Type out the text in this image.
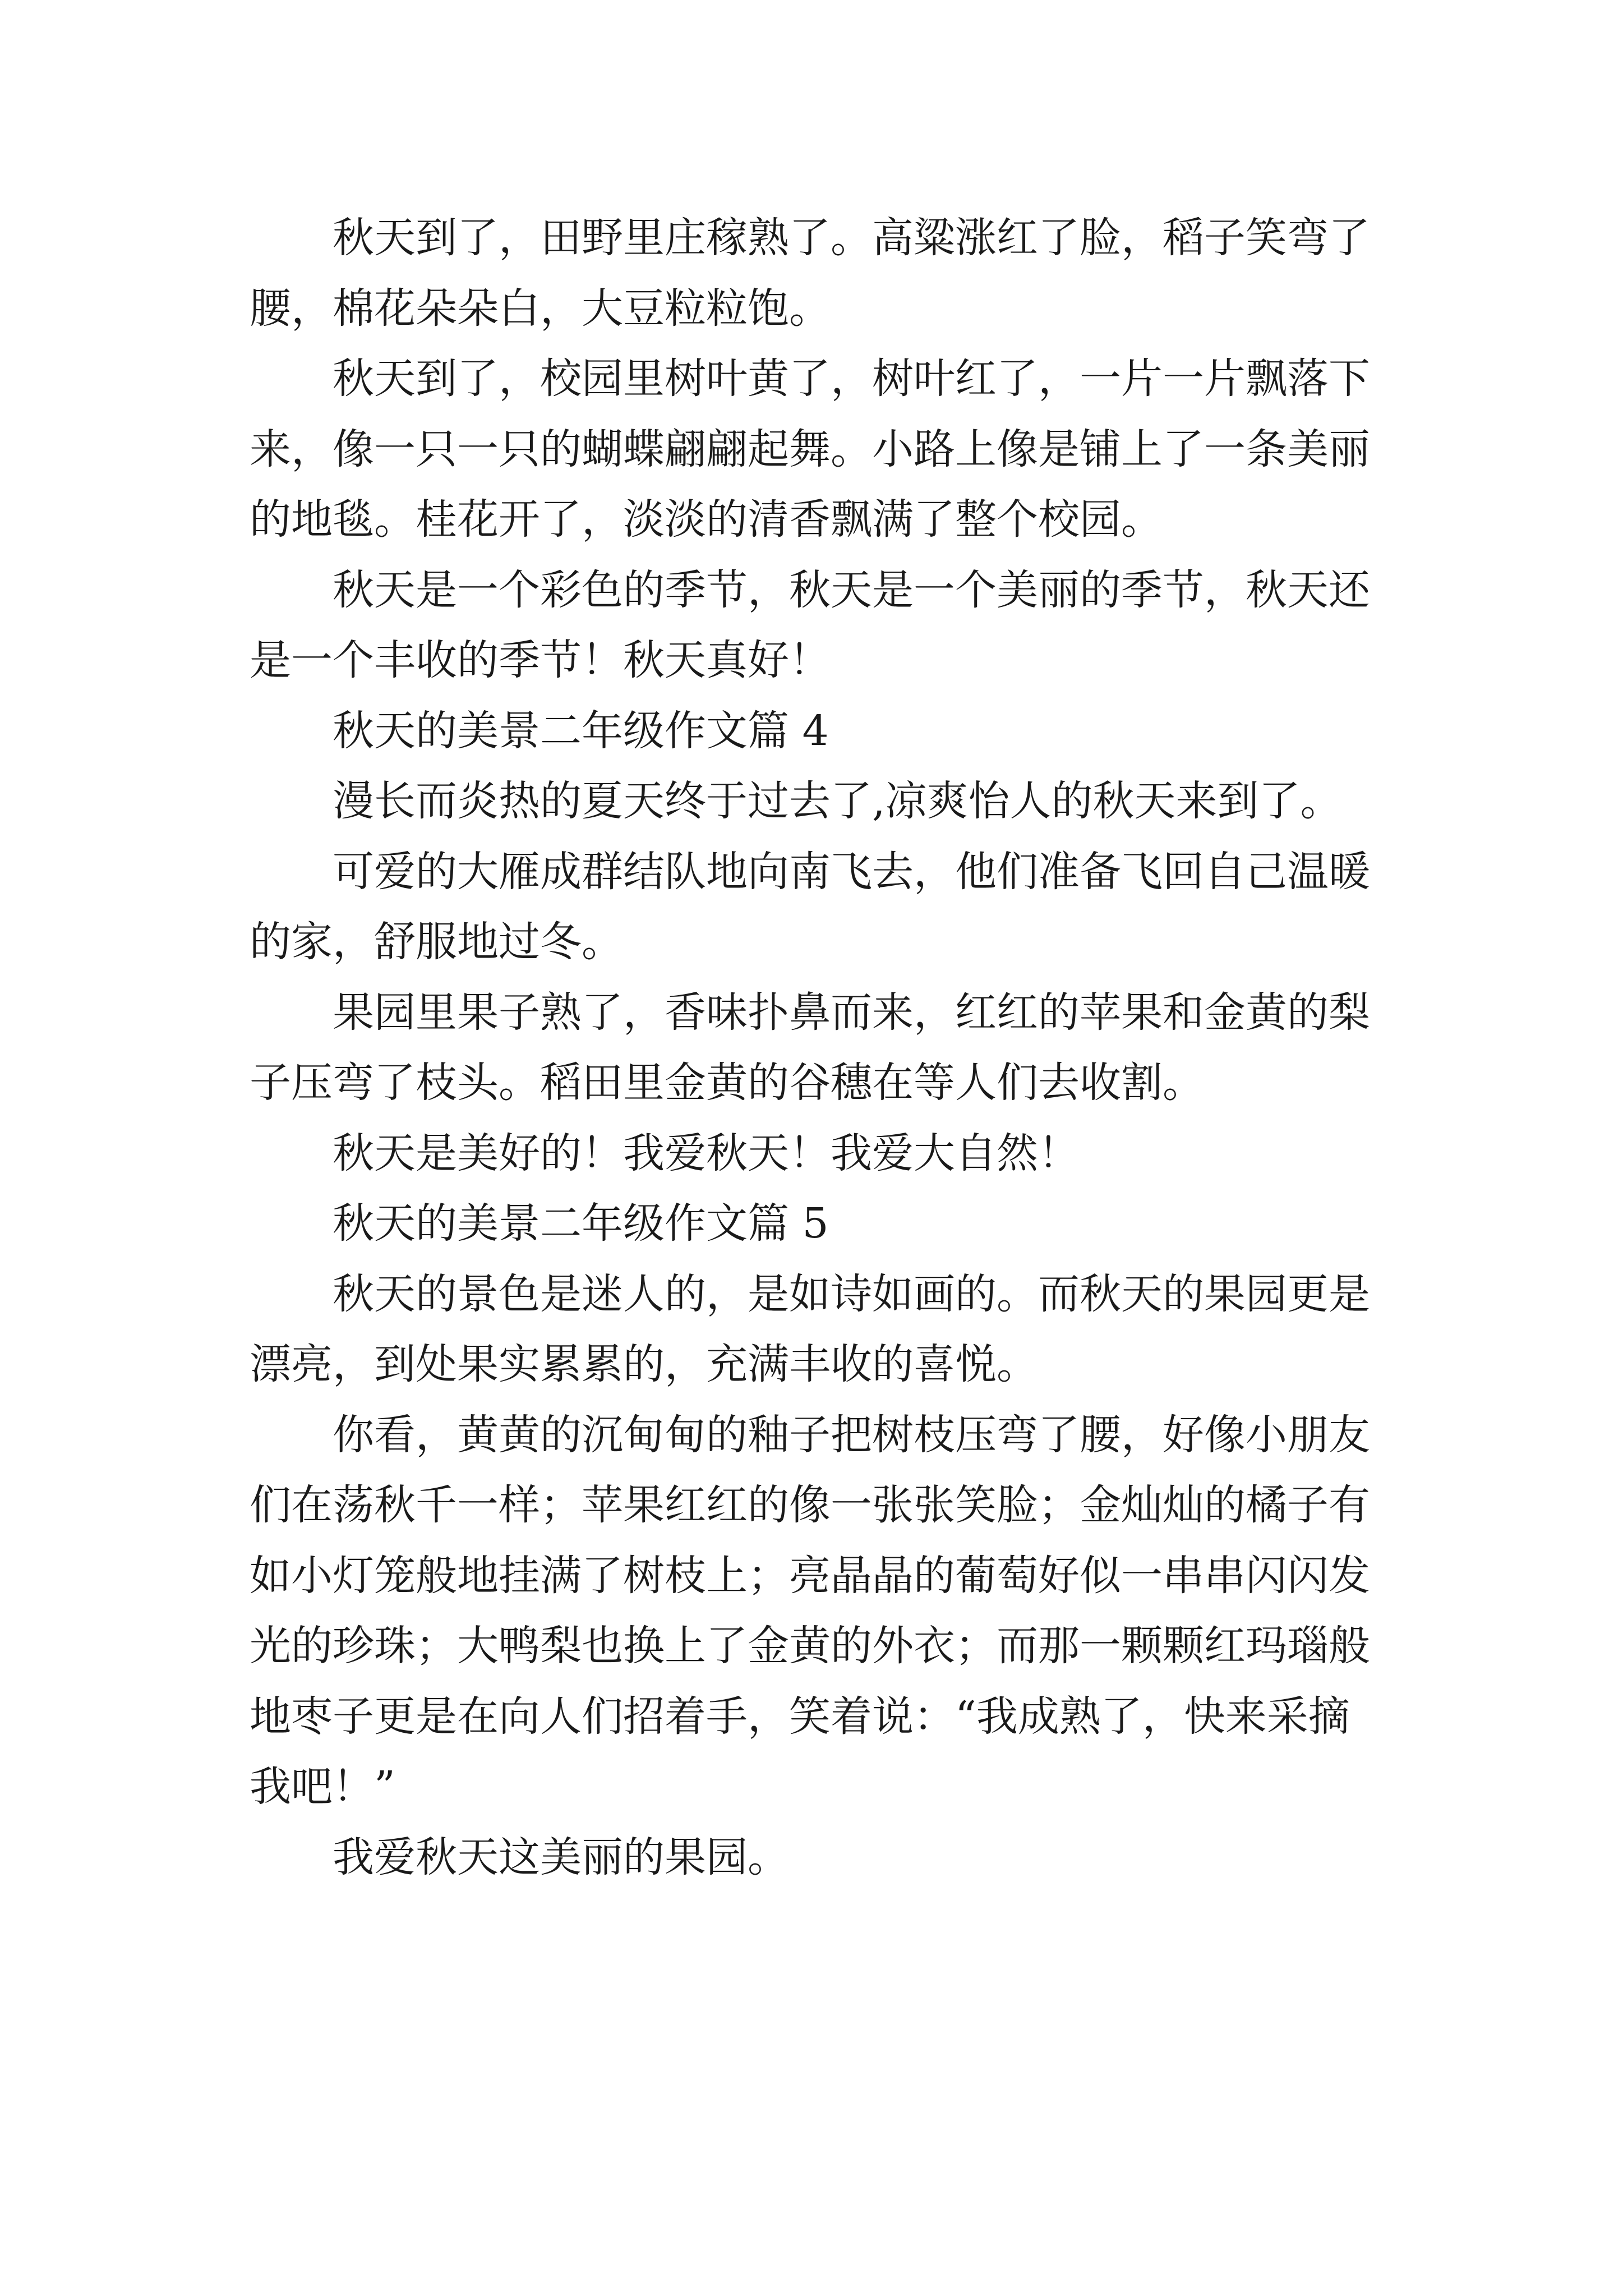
秋天到了，田野里庄稼熟了。高粱涨红了脸，稻子笑弯了腰，棉花朵朵白，大豆粒粒饱。

秋天到了，校园里树叶黄了，树叶红了，一片一片飘落下来，像一只一只的蝴蝶翩翩起舞。小路上像是铺上了一条美丽的地毯。桂花开了，淡淡的清香飘满了整个校园。

秋天是一个彩色的季节，秋天是一个美丽的季节，秋天还是一个丰收的季节！秋天真好！

秋天的美景二年级作文篇 4

漫长而炎热的夏天终于过去了,凉爽怡人的秋天来到了。

可爱的大雁成群结队地向南飞去，他们准备飞回自己温暖的家，舒服地过冬。

果园里果子熟了，香味扑鼻而来，红红的苹果和金黄的梨子压弯了枝头。稻田里金黄的谷穗在等人们去收割。

秋天是美好的！我爱秋天！我爱大自然！

秋天的美景二年级作文篇 5

秋天的景色是迷人的，是如诗如画的。而秋天的果园更是漂亮，到处果实累累的，充满丰收的喜悦。

你看，黄黄的沉甸甸的釉子把树枝压弯了腰，好像小朋友们在荡秋千一样；苹果红红的像一张张笑脸；金灿灿的橘子有如小灯笼般地挂满了树枝上；亮晶晶的葡萄好似一串串闪闪发光的珍珠；大鸭梨也换上了金黄的外衣；而那一颗颗红玛瑙般地枣子更是在向人们招着手，笑着说：“我成熟了，快来采摘我吧！”

我爱秋天这美丽的果园。
